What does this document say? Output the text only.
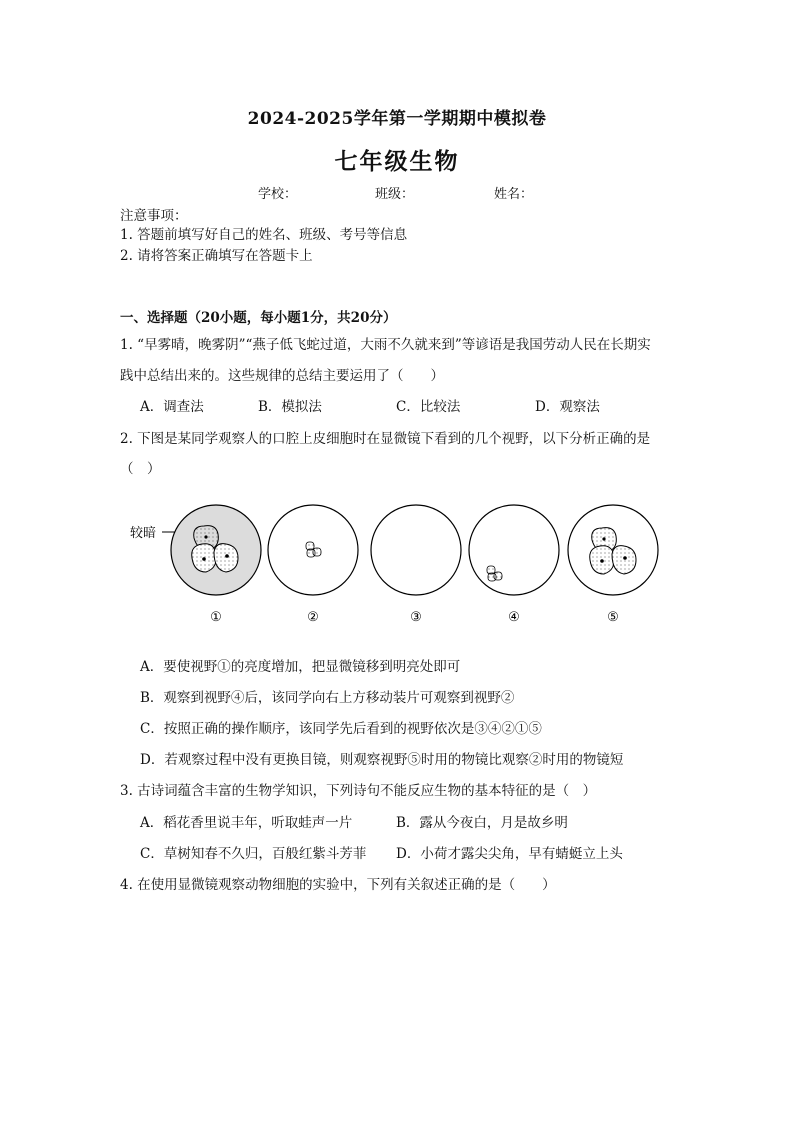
2024-2025学年第一学期期中模拟卷
七年级生物
学校：	班级：	姓名：
注意事项：
1. 答题前填写好自己的姓名、班级、考号等信息
2. 请将答案正确填写在答题卡上
一、选择题（20小题，每小题1分，共20分）
1. “早雾晴，晚雾阴”“燕子低飞蛇过道，大雨不久就来到”等谚语是我国劳动人民在长期实
践中总结出来的。这些规律的总结主要运用了（　　）
A．调查法	B．模拟法	C．比较法	D．观察法
2. 下图是某同学观察人的口腔上皮细胞时在显微镜下看到的几个视野，以下分析正确的是
（　）
较暗
①	②	③	④	⑤
A．要使视野①的亮度增加，把显微镜移到明亮处即可
B．观察到视野④后，该同学向右上方移动装片可观察到视野②
C．按照正确的操作顺序，该同学先后看到的视野依次是③④②①⑤
D．若观察过程中没有更换目镜，则观察视野⑤时用的物镜比观察②时用的物镜短
3. 古诗词蕴含丰富的生物学知识，下列诗句不能反应生物的基本特征的是（　）
A．稻花香里说丰年，听取蛙声一片	B．露从今夜白，月是故乡明
C．草树知春不久归，百般红紫斗芳菲 D．小荷才露尖尖角，早有蜻蜓立上头
4. 在使用显微镜观察动物细胞的实验中，下列有关叙述正确的是（　　）
